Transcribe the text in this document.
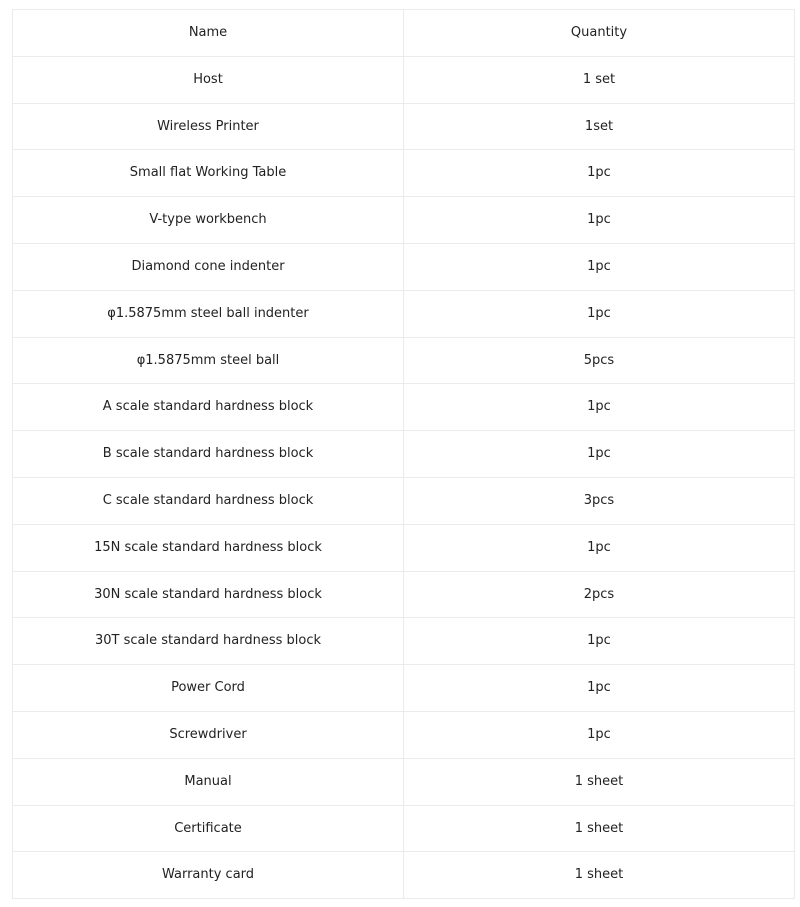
Name	Quantity
Host	1 set
Wireless Printer	1set
Small flat Working Table	1pc
V-type workbench	1pc
Diamond cone indenter	1pc
φ1.5875mm steel ball indenter	1pc
φ1.5875mm steel ball	5pcs
A scale standard hardness block	1pc
B scale standard hardness block	1pc
C scale standard hardness block	3pcs
15N scale standard hardness block	1pc
30N scale standard hardness block	2pcs
30T scale standard hardness block	1pc
Power Cord	1pc
Screwdriver	1pc
Manual	1 sheet
Certificate	1 sheet
Warranty card	1 sheet
